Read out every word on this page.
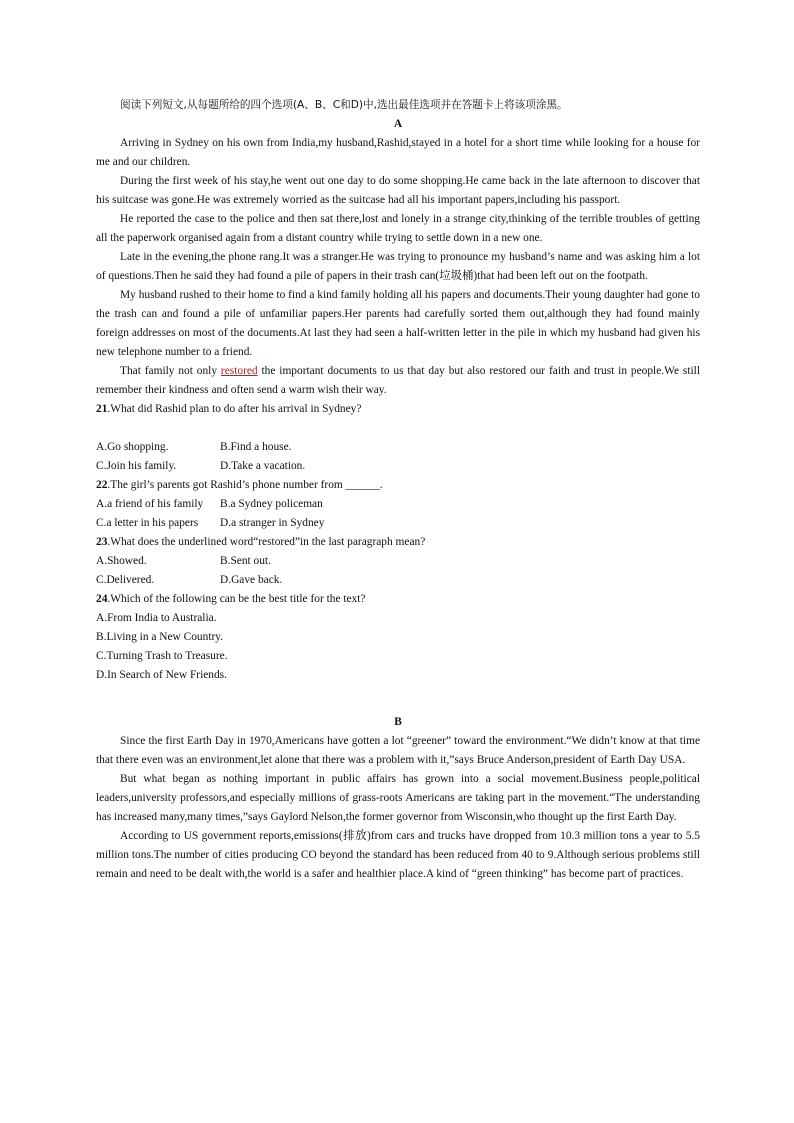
阅读下列短文,从每题所给的四个选项(A、B、C和D)中,选出最佳选项并在答题卡上将该项涂黑。
A
Arriving in Sydney on his own from India,my husband,Rashid,stayed in a hotel for a short time while looking for a house for me and our children.
During the first week of his stay,he went out one day to do some shopping.He came back in the late afternoon to discover that his suitcase was gone.He was extremely worried as the suitcase had all his important papers,including his passport.
He reported the case to the police and then sat there,lost and lonely in a strange city,thinking of the terrible troubles of getting all the paperwork organised again from a distant country while trying to settle down in a new one.
Late in the evening,the phone rang.It was a stranger.He was trying to pronounce my husband’s name and was asking him a lot of questions.Then he said they had found a pile of papers in their trash can(垃圾桶)that had been left out on the footpath.
My husband rushed to their home to find a kind family holding all his papers and documents.Their young daughter had gone to the trash can and found a pile of unfamiliar papers.Her parents had carefully sorted them out,although they had found mainly foreign addresses on most of the documents.At last they had seen a half-written letter in the pile in which my husband had given his new telephone number to a friend.
That family not only restored the important documents to us that day but also restored our faith and trust in people.We still remember their kindness and often send a warm wish their way.
21.What did Rashid plan to do after his arrival in Sydney?
A.Go shopping.	B.Find a house.
C.Join his family.	D.Take a vacation.
22.The girl’s parents got Rashid’s phone number from ______.
A.a friend of his family	B.a Sydney policeman
C.a letter in his papers	D.a stranger in Sydney
23.What does the underlined word“restored”in the last paragraph mean?
A.Showed.	B.Sent out.
C.Delivered.	D.Gave back.
24.Which of the following can be the best title for the text?
A.From India to Australia.
B.Living in a New Country.
C.Turning Trash to Treasure.
D.In Search of New Friends.
B
Since the first Earth Day in 1970,Americans have gotten a lot “greener” toward the environment.“We didn’t know at that time that there even was an environment,let alone that there was a problem with it,”says Bruce Anderson,president of Earth Day USA.
But what began as nothing important in public affairs has grown into a social movement.Business people,political leaders,university professors,and especially millions of grass-roots Americans are taking part in the movement.“The understanding has increased many,many times,”says Gaylord Nelson,the former governor from Wisconsin,who thought up the first Earth Day.
According to US government reports,emissions(排放)from cars and trucks have dropped from 10.3 million tons a year to 5.5 million tons.The number of cities producing CO beyond the standard has been reduced from 40 to 9.Although serious problems still remain and need to be dealt with,the world is a safer and healthier place.A kind of “green thinking” has become part of practices.
